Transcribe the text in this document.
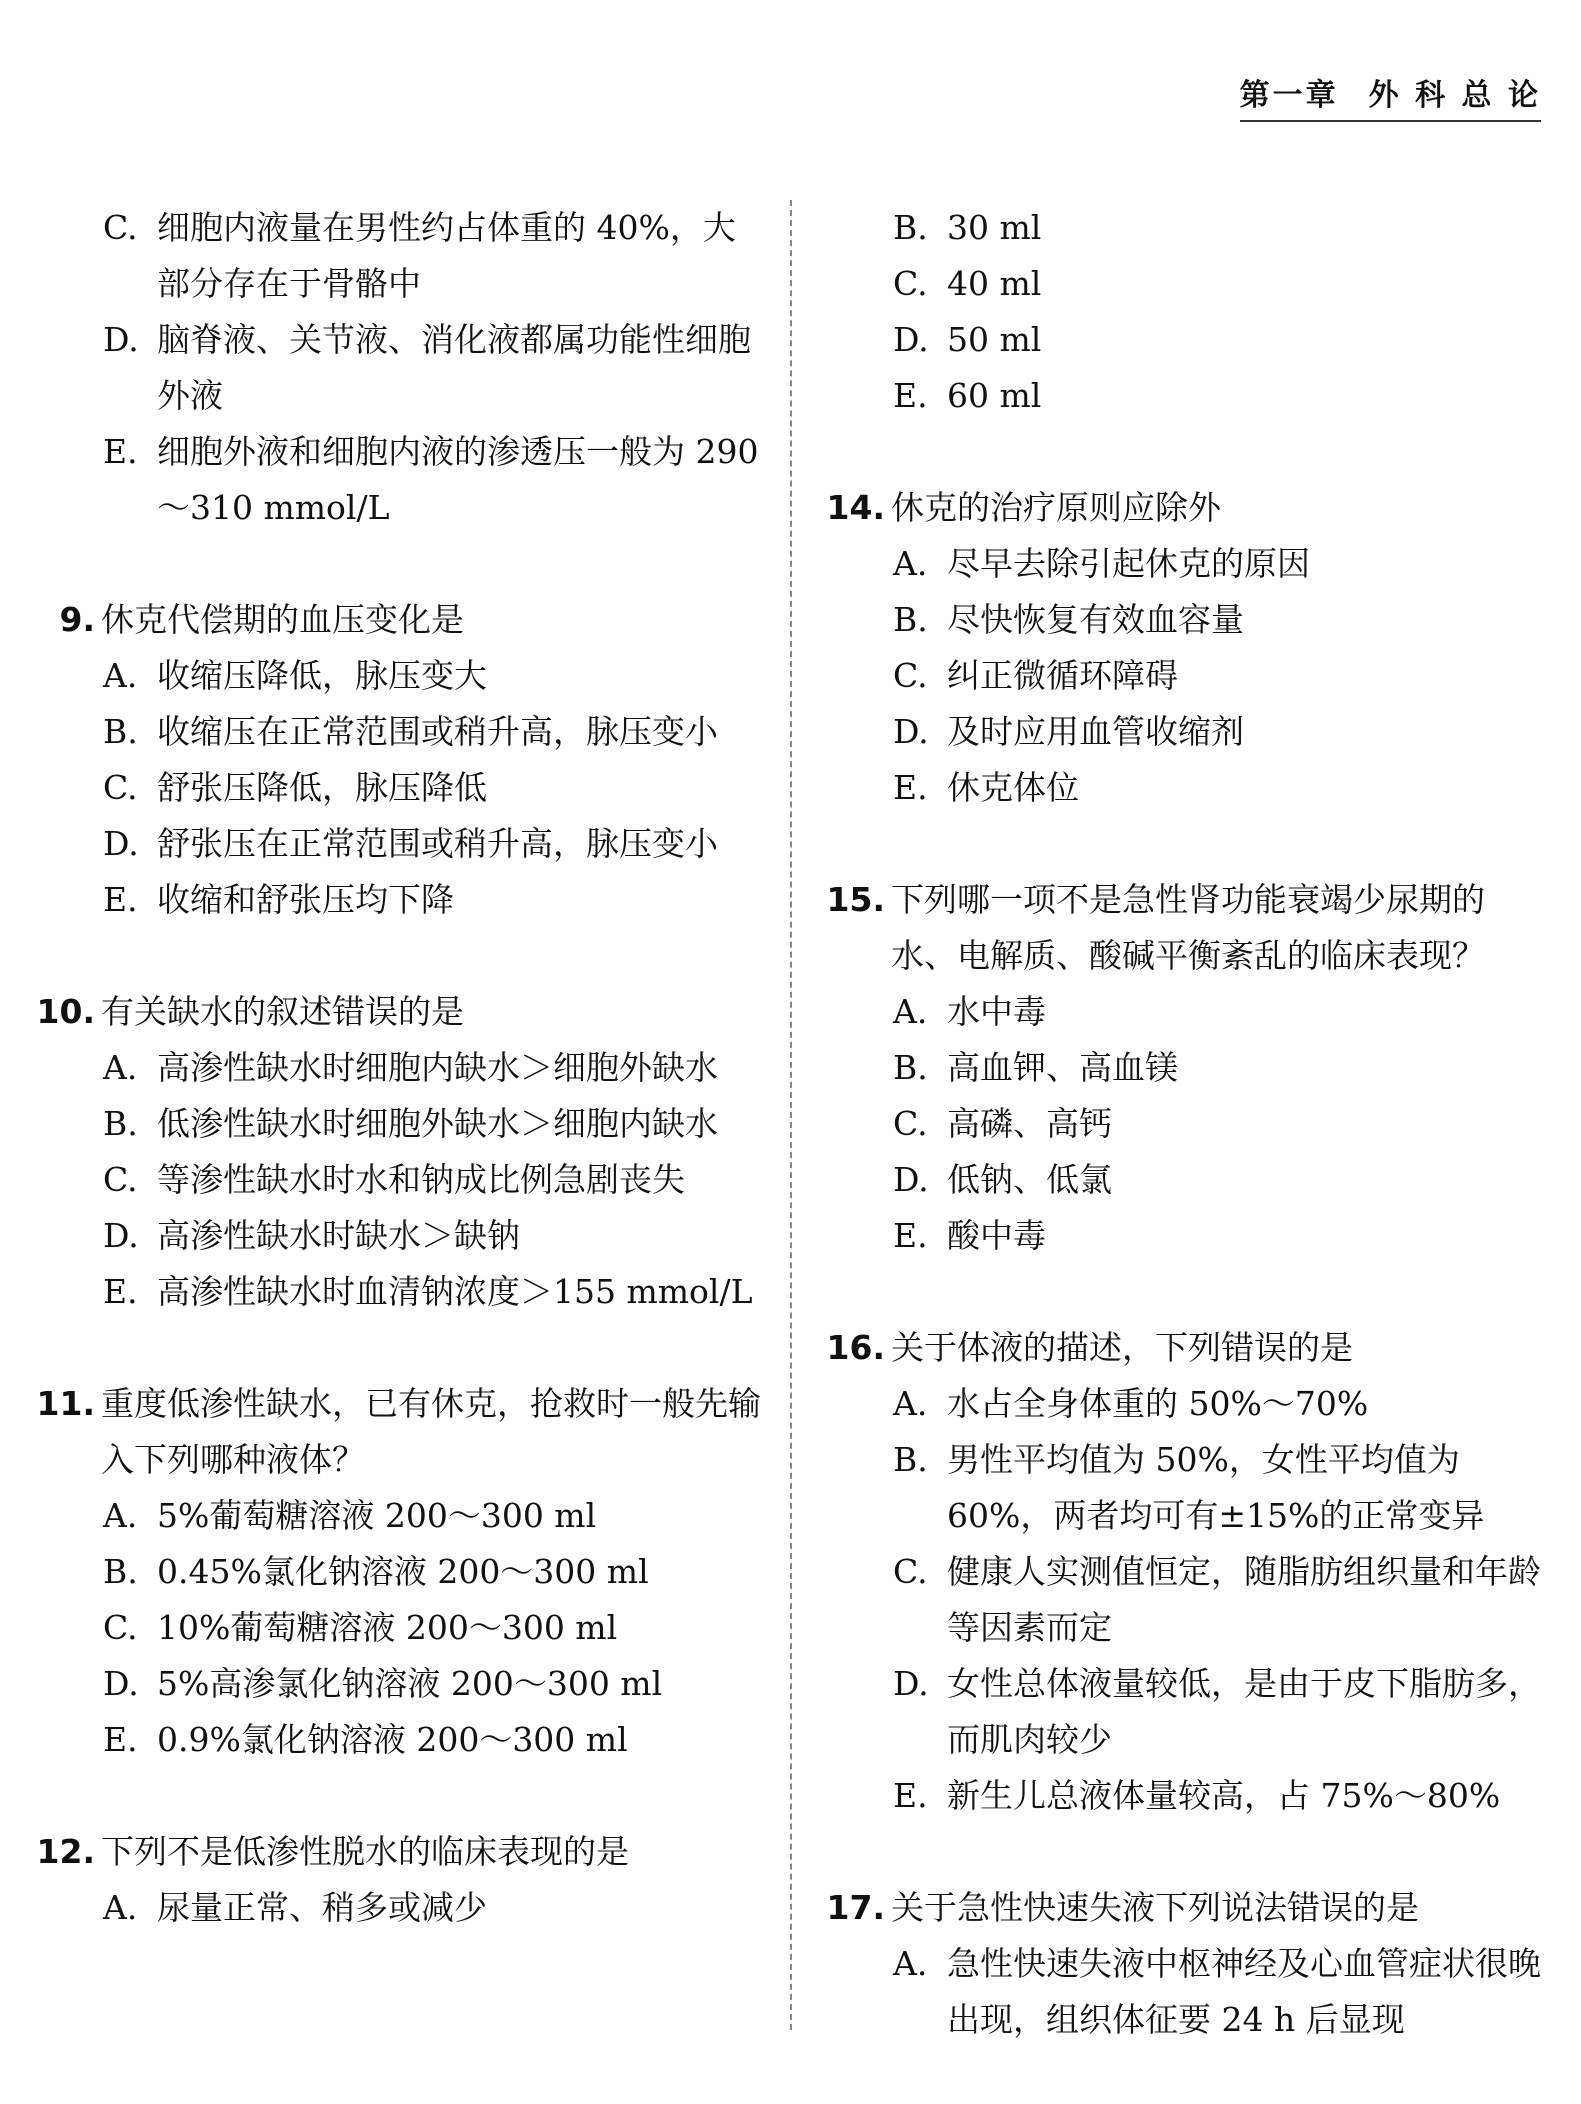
第一章 外 科 总 论
C. 细胞内液量在男性约占体重的 40%，大部分存在于骨骼中
D. 脑脊液、关节液、消化液都属功能性细胞外液
E. 细胞外液和细胞内液的渗透压一般为 290～310 mmol/L
9. 休克代偿期的血压变化是
A. 收缩压降低，脉压变大
B. 收缩压在正常范围或稍升高，脉压变小
C. 舒张压降低，脉压降低
D. 舒张压在正常范围或稍升高，脉压变小
E. 收缩和舒张压均下降
10. 有关缺水的叙述错误的是
A. 高渗性缺水时细胞内缺水＞细胞外缺水
B. 低渗性缺水时细胞外缺水＞细胞内缺水
C. 等渗性缺水时水和钠成比例急剧丧失
D. 高渗性缺水时缺水＞缺钠
E. 高渗性缺水时血清钠浓度＞155 mmol/L
11. 重度低渗性缺水，已有休克，抢救时一般先输入下列哪种液体？
A. 5%葡萄糖溶液 200～300 ml
B. 0.45%氯化钠溶液 200～300 ml
C. 10%葡萄糖溶液 200～300 ml
D. 5%高渗氯化钠溶液 200～300 ml
E. 0.9%氯化钠溶液 200～300 ml
12. 下列不是低渗性脱水的临床表现的是
A. 尿量正常、稍多或减少
B. 30 ml
C. 40 ml
D. 50 ml
E. 60 ml
14. 休克的治疗原则应除外
A. 尽早去除引起休克的原因
B. 尽快恢复有效血容量
C. 纠正微循环障碍
D. 及时应用血管收缩剂
E. 休克体位
15. 下列哪一项不是急性肾功能衰竭少尿期的水、电解质、酸碱平衡紊乱的临床表现？
A. 水中毒
B. 高血钾、高血镁
C. 高磷、高钙
D. 低钠、低氯
E. 酸中毒
16. 关于体液的描述，下列错误的是
A. 水占全身体重的 50%～70%
B. 男性平均值为 50%，女性平均值为 60%，两者均可有±15%的正常变异
C. 健康人实测值恒定，随脂肪组织量和年龄等因素而定
D. 女性总体液量较低，是由于皮下脂肪多，而肌肉较少
E. 新生儿总液体量较高，占 75%～80%
17. 关于急性快速失液下列说法错误的是
A. 急性快速失液中枢神经及心血管症状很晚出现，组织体征要 24 h 后显现
